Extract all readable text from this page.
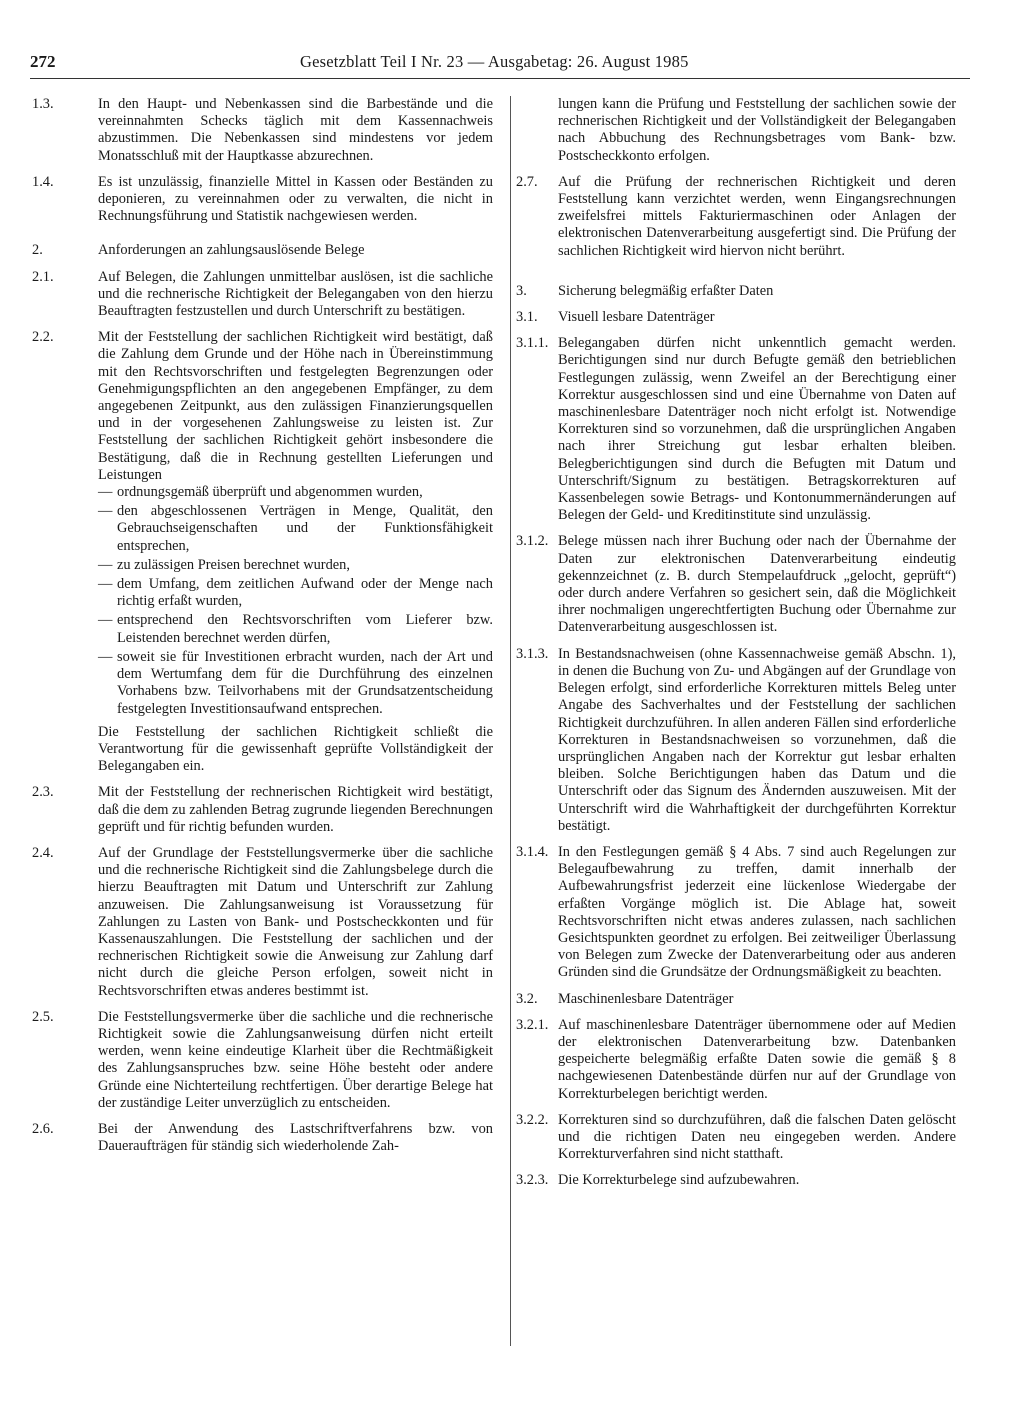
272	Gesetzblatt Teil I Nr. 23 — Ausgabetag: 26. August 1985
1.3.	In den Haupt- und Nebenkassen sind die Barbestände und die vereinnahmten Schecks täglich mit dem Kassennachweis abzustimmen. Die Nebenkassen sind mindestens vor jedem Monatsschluß mit der Hauptkasse abzurechnen.
1.4.	Es ist unzulässig, finanzielle Mittel in Kassen oder Beständen zu deponieren, zu vereinnahmen oder zu verwalten, die nicht in Rechnungsführung und Statistik nachgewiesen werden.
2.	Anforderungen an zahlungsauslösende Belege
2.1.	Auf Belegen, die Zahlungen unmittelbar auslösen, ist die sachliche und die rechnerische Richtigkeit der Belegangaben von den hierzu Beauftragten festzustellen und durch Unterschrift zu bestätigen.
2.2.	Mit der Feststellung der sachlichen Richtigkeit wird bestätigt, daß die Zahlung dem Grunde und der Höhe nach in Übereinstimmung mit den Rechtsvorschriften und festgelegten Begrenzungen oder Genehmigungspflichten an den angegebenen Empfänger, zu dem angegebenen Zeitpunkt, aus den zulässigen Finanzierungsquellen und in der vorgesehenen Zahlungsweise zu leisten ist. Zur Feststellung der sachlichen Richtigkeit gehört insbesondere die Bestätigung, daß die in Rechnung gestellten Lieferungen und Leistungen
— ordnungsgemäß überprüft und abgenommen wurden,
— den abgeschlossenen Verträgen in Menge, Qualität, den Gebrauchseigenschaften und der Funktionsfähigkeit entsprechen,
— zu zulässigen Preisen berechnet wurden,
— dem Umfang, dem zeitlichen Aufwand oder der Menge nach richtig erfaßt wurden,
— entsprechend den Rechtsvorschriften vom Lieferer bzw. Leistenden berechnet werden dürfen,
— soweit sie für Investitionen erbracht wurden, nach der Art und dem Wertumfang dem für die Durchführung des einzelnen Vorhabens bzw. Teilvorhabens mit der Grundsatzentscheidung festgelegten Investitionsaufwand entsprechen.
Die Feststellung der sachlichen Richtigkeit schließt die Verantwortung für die gewissenhaft geprüfte Vollständigkeit der Belegangaben ein.
2.3.	Mit der Feststellung der rechnerischen Richtigkeit wird bestätigt, daß die dem zu zahlenden Betrag zugrunde liegenden Berechnungen geprüft und für richtig befunden wurden.
2.4.	Auf der Grundlage der Feststellungsvermerke über die sachliche und die rechnerische Richtigkeit sind die Zahlungsbelege durch die hierzu Beauftragten mit Datum und Unterschrift zur Zahlung anzuweisen. Die Zahlungsanweisung ist Voraussetzung für Zahlungen zu Lasten von Bank- und Postscheckkonten und für Kassenauszahlungen. Die Feststellung der sachlichen und der rechnerischen Richtigkeit sowie die Anweisung zur Zahlung darf nicht durch die gleiche Person erfolgen, soweit nicht in Rechtsvorschriften etwas anderes bestimmt ist.
2.5.	Die Feststellungsvermerke über die sachliche und die rechnerische Richtigkeit sowie die Zahlungsanweisung dürfen nicht erteilt werden, wenn keine eindeutige Klarheit über die Rechtmäßigkeit des Zahlungsanspruches bzw. seine Höhe besteht oder andere Gründe eine Nichterteilung rechtfertigen. Über derartige Belege hat der zuständige Leiter unverzüglich zu entscheiden.
2.6.	Bei der Anwendung des Lastschriftverfahrens bzw. von Daueraufträgen für ständig sich wiederholende Zah-
lungen kann die Prüfung und Feststellung der sachlichen sowie der rechnerischen Richtigkeit und der Vollständigkeit der Belegangaben nach Abbuchung des Rechnungsbetrages vom Bank- bzw. Postscheckkonto erfolgen.
2.7.	Auf die Prüfung der rechnerischen Richtigkeit und deren Feststellung kann verzichtet werden, wenn Eingangsrechnungen zweifelsfrei mittels Fakturiermaschinen oder Anlagen der elektronischen Datenverarbeitung ausgefertigt sind. Die Prüfung der sachlichen Richtigkeit wird hiervon nicht berührt.
3.	Sicherung belegmäßig erfaßter Daten
3.1.	Visuell lesbare Datenträger
3.1.1. Belegangaben dürfen nicht unkenntlich gemacht werden. Berichtigungen sind nur durch Befugte gemäß den betrieblichen Festlegungen zulässig, wenn Zweifel an der Berechtigung einer Korrektur ausgeschlossen sind und eine Übernahme von Daten auf maschinenlesbare Datenträger noch nicht erfolgt ist. Notwendige Korrekturen sind so vorzunehmen, daß die ursprünglichen Angaben nach ihrer Streichung gut lesbar erhalten bleiben. Belegberichtigungen sind durch die Befugten mit Datum und Unterschrift/Signum zu bestätigen. Betragskorrekturen auf Kassenbelegen sowie Betrags- und Kontonummernänderungen auf Belegen der Geld- und Kreditinstitute sind unzulässig.
3.1.2. Belege müssen nach ihrer Buchung oder nach der Übernahme der Daten zur elektronischen Datenverarbeitung eindeutig gekennzeichnet (z. B. durch Stempelaufdruck „gelocht, geprüft“) oder durch andere Verfahren so gesichert sein, daß die Möglichkeit ihrer nochmaligen ungerechtfertigten Buchung oder Übernahme zur Datenverarbeitung ausgeschlossen ist.
3.1.3. In Bestandsnachweisen (ohne Kassennachweise gemäß Abschn. 1), in denen die Buchung von Zu- und Abgängen auf der Grundlage von Belegen erfolgt, sind erforderliche Korrekturen mittels Beleg unter Angabe des Sachverhaltes und der Feststellung der sachlichen Richtigkeit durchzuführen. In allen anderen Fällen sind erforderliche Korrekturen in Bestandsnachweisen so vorzunehmen, daß die ursprünglichen Angaben nach der Korrektur gut lesbar erhalten bleiben. Solche Berichtigungen haben das Datum und die Unterschrift oder das Signum des Ändernden auszuweisen. Mit der Unterschrift wird die Wahrhaftigkeit der durchgeführten Korrektur bestätigt.
3.1.4. In den Festlegungen gemäß § 4 Abs. 7 sind auch Regelungen zur Belegaufbewahrung zu treffen, damit innerhalb der Aufbewahrungsfrist jederzeit eine lückenlose Wiedergabe der erfaßten Vorgänge möglich ist. Die Ablage hat, soweit Rechtsvorschriften nicht etwas anderes zulassen, nach sachlichen Gesichtspunkten geordnet zu erfolgen. Bei zeitweiliger Überlassung von Belegen zum Zwecke der Datenverarbeitung oder aus anderen Gründen sind die Grundsätze der Ordnungsmäßigkeit zu beachten.
3.2.	Maschinenlesbare Datenträger
3.2.1. Auf maschinenlesbare Datenträger übernommene oder auf Medien der elektronischen Datenverarbeitung bzw. Datenbanken gespeicherte belegmäßig erfaßte Daten sowie die gemäß § 8 nachgewiesenen Datenbestände dürfen nur auf der Grundlage von Korrekturbelegen berichtigt werden.
3.2.2. Korrekturen sind so durchzuführen, daß die falschen Daten gelöscht und die richtigen Daten neu eingegeben werden. Andere Korrekturverfahren sind nicht statthaft.
3.2.3. Die Korrekturbelege sind aufzubewahren.
